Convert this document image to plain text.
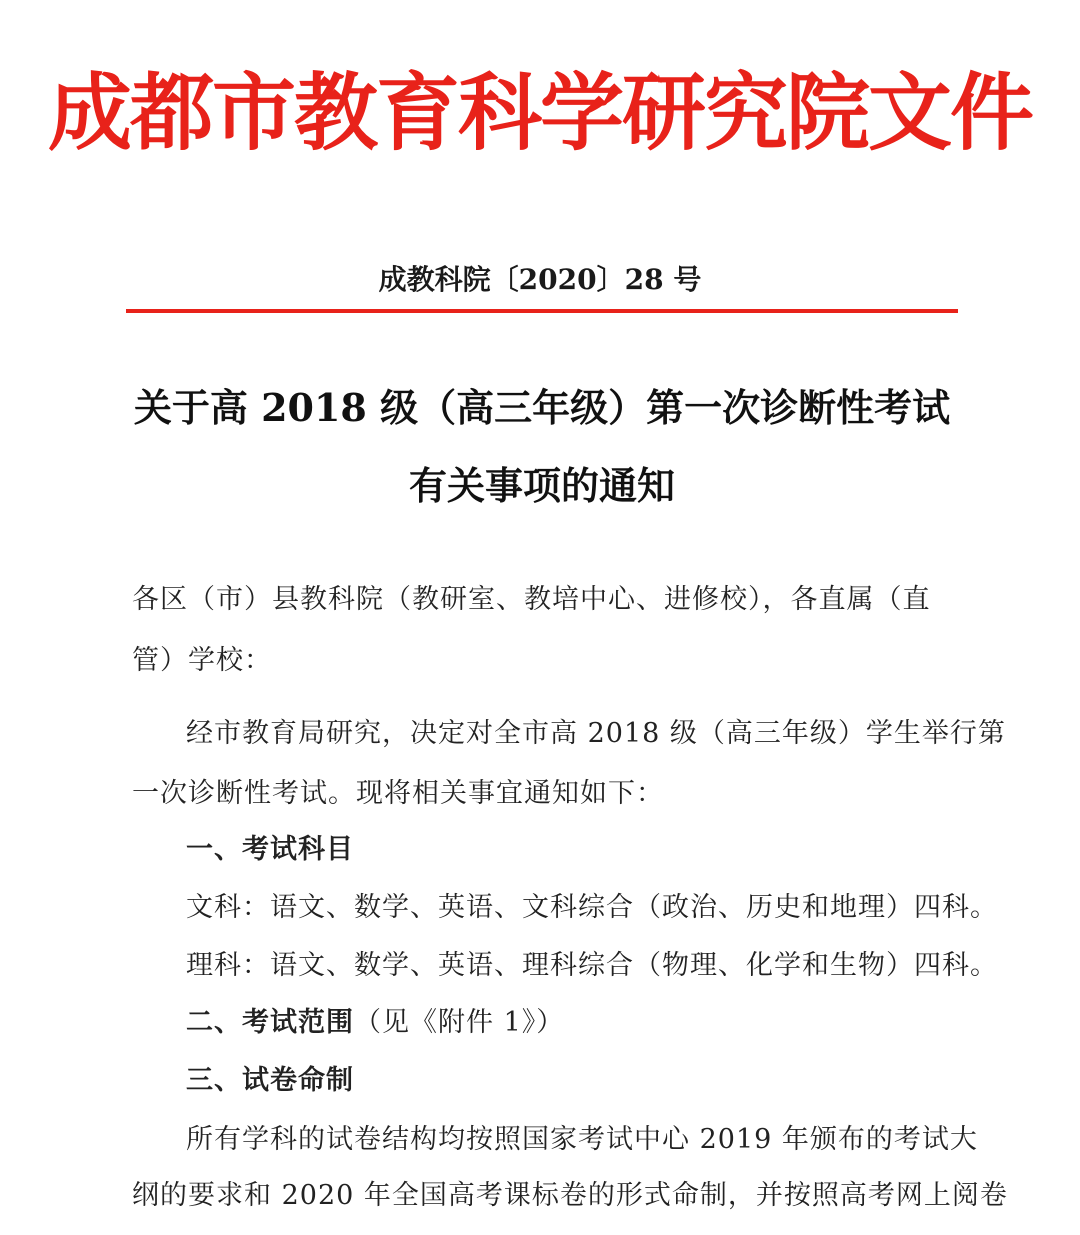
成都市教育科学研究院文件
成教科院〔2020〕28 号
关于高 2018 级（高三年级）第一次诊断性考试
有关事项的通知
各区（市）县教科院（教研室、教培中心、进修校），各直属（直
管）学校：
经市教育局研究，决定对全市高 2018 级（高三年级）学生举行第
一次诊断性考试。现将相关事宜通知如下：
一、考试科目
文科：语文、数学、英语、文科综合（政治、历史和地理）四科。
理科：语文、数学、英语、理科综合（物理、化学和生物）四科。
二、考试范围（见《附件 1》）
三、试卷命制
所有学科的试卷结构均按照国家考试中心 2019 年颁布的考试大
纲的要求和 2020 年全国高考课标卷的形式命制，并按照高考网上阅卷
